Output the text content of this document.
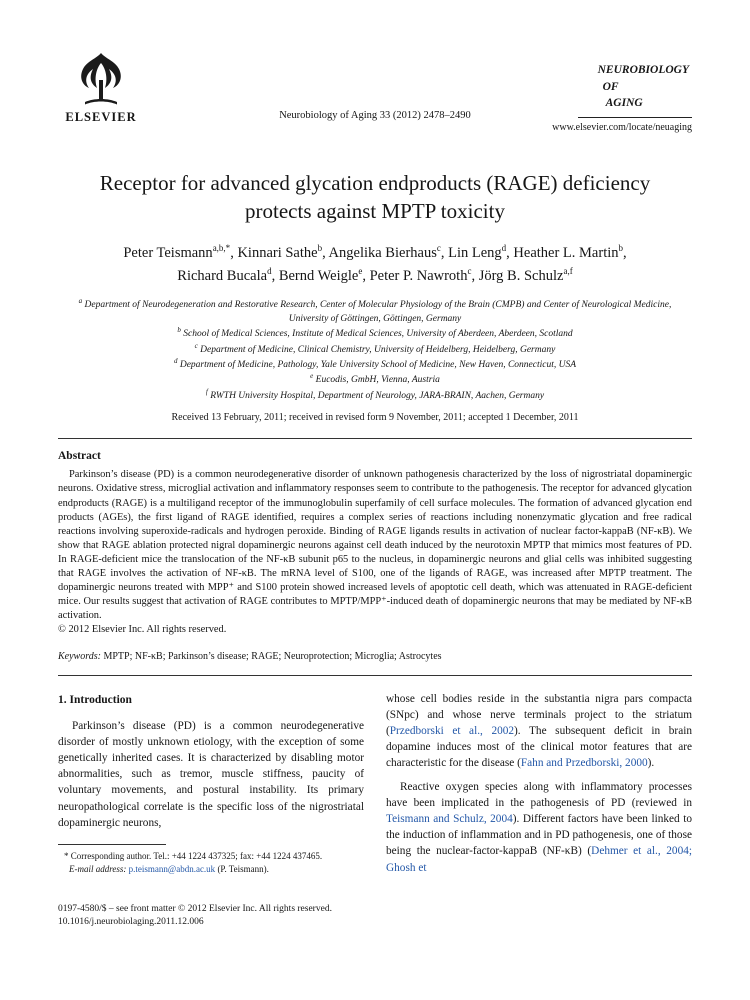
ELSEVIER	Neurobiology of Aging 33 (2012) 2478–2490
NEUROBIOLOGY
OF
AGING
www.elsevier.com/locate/neuaging
Receptor for advanced glycation endproducts (RAGE) deficiency
protects against MPTP toxicity
Peter Teismann$^{a,b,*}$, Kinnari Sathe$^b$, Angelika Bierhaus$^c$, Lin Leng$^d$, Heather L. Martin$^b$,
Richard Bucala$^d$, Bernd Weigle$^e$, Peter P. Nawroth$^c$, Jörg B. Schulz$^{a,f}$
$^a$ Department of Neurodegeneration and Restorative Research, Center of Molecular Physiology of the Brain (CMPB) and Center of Neurological Medicine, University of Göttingen, Göttingen, Germany
$^b$ School of Medical Sciences, Institute of Medical Sciences, University of Aberdeen, Aberdeen, Scotland
$^c$ Department of Medicine, Clinical Chemistry, University of Heidelberg, Heidelberg, Germany
$^d$ Department of Medicine, Pathology, Yale University School of Medicine, New Haven, Connecticut, USA
$^e$ Eucodis, GmbH, Vienna, Austria
$^f$ RWTH University Hospital, Department of Neurology, JARA-BRAIN, Aachen, Germany
Received 13 February, 2011; received in revised form 9 November, 2011; accepted 1 December, 2011
Abstract

Parkinson’s disease (PD) is a common neurodegenerative disorder of unknown pathogenesis characterized by the loss of nigrostriatal dopaminergic neurons. Oxidative stress, microglial activation and inflammatory responses seem to contribute to the pathogenesis. The receptor for advanced glycation endproducts (RAGE) is a multiligand receptor of the immunoglobulin superfamily of cell surface molecules. The formation of advanced glycation end products (AGEs), the first ligand of RAGE identified, requires a complex series of reactions including nonenzymatic glycation and free radical reactions involving superoxide-radicals and hydrogen peroxide. Binding of RAGE ligands results in activation of nuclear factor-kappaB (NF-κB). We show that RAGE ablation protected nigral dopaminergic neurons against cell death induced by the neurotoxin MPTP that mimics most features of PD. In RAGE-deficient mice the translocation of the NF-κB subunit p65 to the nucleus, in dopaminergic neurons and glial cells was inhibited suggesting that RAGE involves the activation of NF-κB. The mRNA level of S100, one of the ligands of RAGE, was increased after MPTP treatment. The dopaminergic neurons treated with MPP⁺ and S100 protein showed increased levels of apoptotic cell death, which was attenuated in RAGE-deficient mice. Our results suggest that activation of RAGE contributes to MPTP/MPP⁺-induced death of dopaminergic neurons that may be mediated by NF-κB activation.

© 2012 Elsevier Inc. All rights reserved.

Keywords: MPTP; NF-κB; Parkinson’s disease; RAGE; Neuroprotection; Microglia; Astrocytes

1. Introduction

Parkinson’s disease (PD) is a common neurodegenerative disorder of mostly unknown etiology, with the exception of some genetically inherited cases. It is characterized by disabling motor abnormalities, such as tremor, muscle stiffness, paucity of voluntary movements, and postural instability. Its primary neuropathological correlate is the specific loss of the nigrostriatal dopaminergic neurons,

* Corresponding author. Tel.: +44 1224 437325; fax: +44 1224 437465.
E-mail address: p.teismann@abdn.ac.uk (P. Teismann).

whose cell bodies reside in the substantia nigra pars compacta (SNpc) and whose nerve terminals project to the striatum (Przedborski et al., 2002). The subsequent deficit in brain dopamine induces most of the clinical motor features that are characteristic for the disease (Fahn and Przedborski, 2000).

Reactive oxygen species along with inflammatory processes have been implicated in the pathogenesis of PD (reviewed in Teismann and Schulz, 2004). Different factors have been linked to the induction of inflammation and in PD pathogenesis, one of those being the nuclear-factor-kappaB (NF-κB) (Dehmer et al., 2004; Ghosh et

0197-4580/$ – see front matter © 2012 Elsevier Inc. All rights reserved.
10.1016/j.neurobiolaging.2011.12.006
